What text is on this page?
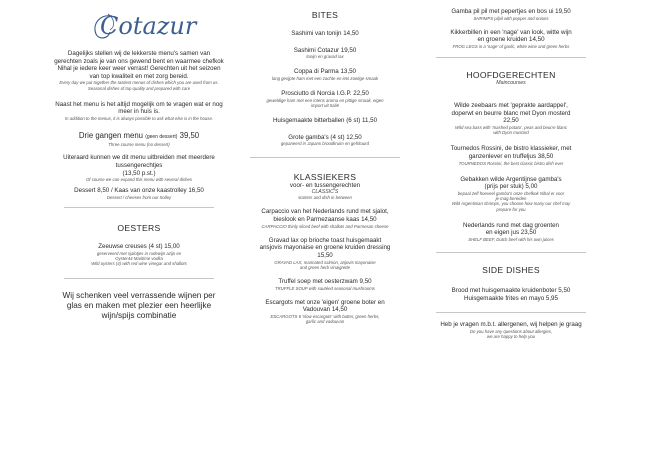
Cotazur

Dagelijks stellen wij de lekkerste menu's samen van gerechten zoals je van ons gewend bent en waarmee chefkok Nihal je iedere keer weer verrast! Gerechten uit het seizoen van top kwaliteit en met zorg bereid.

Every day we put together the tastiest menus of dishes which you are used from us. Seasonal dishes of top quality and prepared with care

Naast het menu is het altijd mogelijk om te vragen wat er nog meer in huis is.

In addition to the menus, it is always possible to ask what else is in the house.

Drie gangen menu (geen dessert) 39,50

Three course menu (no dessert)

Uiteraard kunnen we dit menu uitbreiden met meerdere tussengerechtjes

(13,50 p.st.)

Of course we can expand this menu with several dishes

Dessert 8,50 / Kaas van onze kaastrolley 16,50

Dessert / cheeses from our trolley

OESTERS

Zeeuwse creuses (4 st) 15,00

geserveerd met sjalotjes in rodewijn azijn en

Oyster44 Maritime vodka

Wild oysters (4) with red wine vinegar and shallots

Wij schenken veel verrassende wijnen per glas en maken met plezier een heerlijke wijn/spijs combinatie

BITES

Sashimi van tonijn 14,50

Sashimi Cotazur 19,50

tonijn en gravad lax

Coppa di Parma 13,50

lang gerijpte ham met een zachte en iets zoetige smaak

Prosciutto di Norcia I.G.P. 22,50

geweldige ham met een intens aroma en pittige smaak, eigen

import uit Italië

Huisgemaakte bitterballen (6 st) 11,50

Grote gamba's (4 st) 12,50

gepaneerd in Japans broodkruim en gefrituurd

KLASSIEKERS

voor- en tussengerechten

CLASSIC'S

starters and dish in between

Carpaccio van het Nederlands rund met sjalot,

bieslook en Parmezaanse kaas 14,50

CARPACCIO thinly sliced beef with shallots and Parmesan cheese

Gravad lax op brioche toast huisgemaakt

ansjovis mayonaise en groene kruiden dressing

15,50

GRAVAD LAX, marinated salmon, anjovis mayonaise

and green herb vinaigrette

Truffel soep met oesterzwam 9,50

TRUFFLE SOUP with sautéed seasonal mushrooms

Escargots met onze 'eigen' groene boter en

Vadouvan 14,50

ESCARGOTS 6 'slow escargots' with butter, green herbs,

garlic and vadouvan

Gamba pil pil met pepertjes en bos ui 19,50

SHRIMPS pilpil with pepper and onions

Kikkerbillen in een 'nage' van look, witte wijn

en groene kruiden 14,50

FROG LEGS in a 'nage' of garlic, white wine and green herbs

HOOFDGERECHTEN

Maincourses

Wilde zeebaars met 'geprakte aardappel',

doperwt en beurre blanc met Dyon mosterd

22,50

Wild sea bass with 'mashed potato', peas and beurre blanc

with Dyon mustard

Tournedos Rossini, de bistro klassieker, met

ganzenlever en truffeljus 38,50

TOURNEDOS Rossini, the best classic bistro dish ever

Gebakken wilde Argentijnse gamba's

(prijs per stuk) 5,00

bepaal zelf hoeveel gamba's onze chefkok Nihal er voor

je mag bereiden

Wild Argentinian shrimps, you choose how many our chef may

prepare for you

Nederlands rund met dag groenten

en eigen jus 23,50

SHELF BEEF, Dutch beef with his own juices

SIDE DISHES

Brood met huisgemaakte kruidenboter 5,50

Huisgemaakte frites en mayo 5,95

Heb je vragen m.b.t. allergenen, wij helpen je graag

Do you have any questions about allergies,

we are happy to help you
